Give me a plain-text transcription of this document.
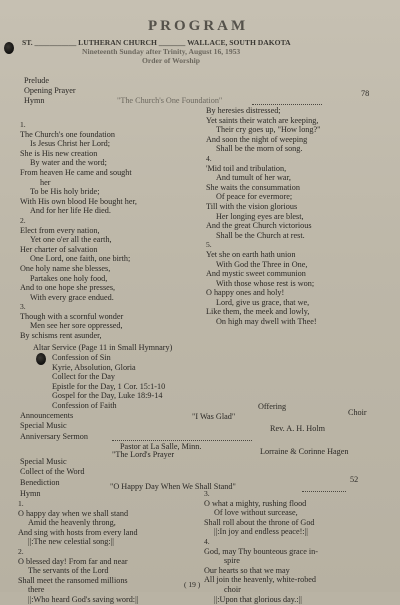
PROGRAM
ST. ___________ LUTHERAN CHURCH _______ WALLACE, SOUTH DAKOTA
Nineteenth Sunday after Trinity, August 16, 1953
Order of Worship
Prelude
Opening Prayer
Hymn	"The Church's One Foundation"
78
1.
The Church's one foundation
Is Jesus Christ her Lord;
She is His new creation
By water and the word;
From heaven He came and sought
her
To be His holy bride;
With His own blood He bought her,
And for her life He died.
2.
Elect from every nation,
Yet one o'er all the earth,
Her charter of salvation
One Lord, one faith, one birth;
One holy name she blesses,
Partakes one holy food,
And to one hope she presses,
With every grace endued.
3.
Though with a scornful wonder
Men see her sore oppressed,
By schisms rent asunder,
By heresies distressed;
Yet saints their watch are keeping,
Their cry goes up, "How long?"
And soon the night of weeping
Shall be the morn of song.
4.
'Mid toil and tribulation,
And tumult of her war,
She waits the consummation
Of peace for evermore;
Till with the vision glorious
Her longing eyes are blest,
And the great Church victorious
Shall be the Church at rest.
5.
Yet she on earth hath union
With God the Three in One,
And mystic sweet communion
With those whose rest is won;
O happy ones and holy!
Lord, give us grace, that we,
Like them, the meek and lowly,
On high may dwell with Thee!
Altar Service (Page 11 in Small Hymnary)
Confession of Sin
Kyrie, Absolution, Gloria
Collect for the Day
Epistle for the Day, 1 Cor. 15:1-10
Gospel for the Day, Luke 18:9-14
Confession of Faith
Announcements
Offering
Special Music
"I Was Glad"	Choir
Anniversary Sermon
Rev. A. H. Holm
Pastor at La Salle, Minn.
Special Music
"The Lord's Prayer	Lorraine & Corinne Hagen
Collect of the Word
Benediction
Hymn
"O Happy Day When We Shall Stand"
52
1.
O happy day when we shall stand
Amid the heavenly throng,
And sing with hosts from every land
||:The new celestial song:||
2.
O blessed day! From far and near
The servants of the Lord
Shall meet the ransomed millions
there
||:Who heard God's saving word:||
3.
O what a mighty, rushing flood
Of love without surcease,
Shall roll about the throne of God
||:In joy and endless peace!:||
4.
God, may Thy bounteous grace in-
spire
Our hearts so that we may
All join the heavenly, white-robed
choir
||:Upon that glorious day.:||
( 19 )
